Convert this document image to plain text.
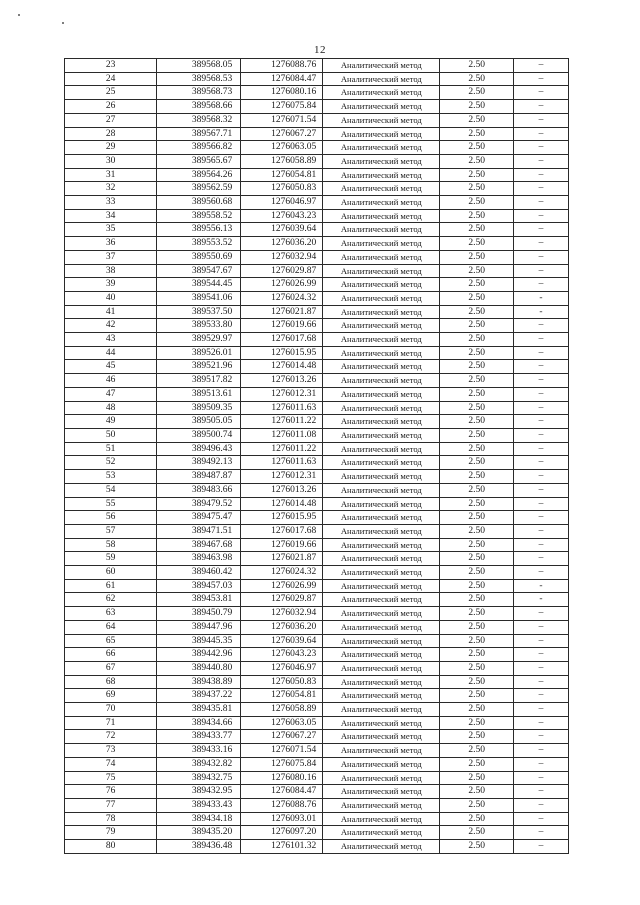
12
23	389568.05	1276088.76	Аналитический метод	2.50	–
24	389568.53	1276084.47	Аналитический метод	2.50	–
25	389568.73	1276080.16	Аналитический метод	2.50	–
26	389568.66	1276075.84	Аналитический метод	2.50	–
27	389568.32	1276071.54	Аналитический метод	2.50	–
28	389567.71	1276067.27	Аналитический метод	2.50	–
29	389566.82	1276063.05	Аналитический метод	2.50	–
30	389565.67	1276058.89	Аналитический метод	2.50	–
31	389564.26	1276054.81	Аналитический метод	2.50	–
32	389562.59	1276050.83	Аналитический метод	2.50	–
33	389560.68	1276046.97	Аналитический метод	2.50	–
34	389558.52	1276043.23	Аналитический метод	2.50	–
35	389556.13	1276039.64	Аналитический метод	2.50	–
36	389553.52	1276036.20	Аналитический метод	2.50	–
37	389550.69	1276032.94	Аналитический метод	2.50	–
38	389547.67	1276029.87	Аналитический метод	2.50	–
39	389544.45	1276026.99	Аналитический метод	2.50	–
40	389541.06	1276024.32	Аналитический метод	2.50	-
41	389537.50	1276021.87	Аналитический метод	2.50	-
42	389533.80	1276019.66	Аналитический метод	2.50	–
43	389529.97	1276017.68	Аналитический метод	2.50	–
44	389526.01	1276015.95	Аналитический метод	2.50	–
45	389521.96	1276014.48	Аналитический метод	2.50	–
46	389517.82	1276013.26	Аналитический метод	2.50	–
47	389513.61	1276012.31	Аналитический метод	2.50	–
48	389509.35	1276011.63	Аналитический метод	2.50	–
49	389505.05	1276011.22	Аналитический метод	2.50	–
50	389500.74	1276011.08	Аналитический метод	2.50	–
51	389496.43	1276011.22	Аналитический метод	2.50	–
52	389492.13	1276011.63	Аналитический метод	2.50	–
53	389487.87	1276012.31	Аналитический метод	2.50	–
54	389483.66	1276013.26	Аналитический метод	2.50	–
55	389479.52	1276014.48	Аналитический метод	2.50	–
56	389475.47	1276015.95	Аналитический метод	2.50	–
57	389471.51	1276017.68	Аналитический метод	2.50	–
58	389467.68	1276019.66	Аналитический метод	2.50	–
59	389463.98	1276021.87	Аналитический метод	2.50	–
60	389460.42	1276024.32	Аналитический метод	2.50	–
61	389457.03	1276026.99	Аналитический метод	2.50	-
62	389453.81	1276029.87	Аналитический метод	2.50	-
63	389450.79	1276032.94	Аналитический метод	2.50	–
64	389447.96	1276036.20	Аналитический метод	2.50	–
65	389445.35	1276039.64	Аналитический метод	2.50	–
66	389442.96	1276043.23	Аналитический метод	2.50	–
67	389440.80	1276046.97	Аналитический метод	2.50	–
68	389438.89	1276050.83	Аналитический метод	2.50	–
69	389437.22	1276054.81	Аналитический метод	2.50	–
70	389435.81	1276058.89	Аналитический метод	2.50	–
71	389434.66	1276063.05	Аналитический метод	2.50	–
72	389433.77	1276067.27	Аналитический метод	2.50	–
73	389433.16	1276071.54	Аналитический метод	2.50	–
74	389432.82	1276075.84	Аналитический метод	2.50	–
75	389432.75	1276080.16	Аналитический метод	2.50	–
76	389432.95	1276084.47	Аналитический метод	2.50	–
77	389433.43	1276088.76	Аналитический метод	2.50	–
78	389434.18	1276093.01	Аналитический метод	2.50	–
79	389435.20	1276097.20	Аналитический метод	2.50	–
80	389436.48	1276101.32	Аналитический метод	2.50	–
